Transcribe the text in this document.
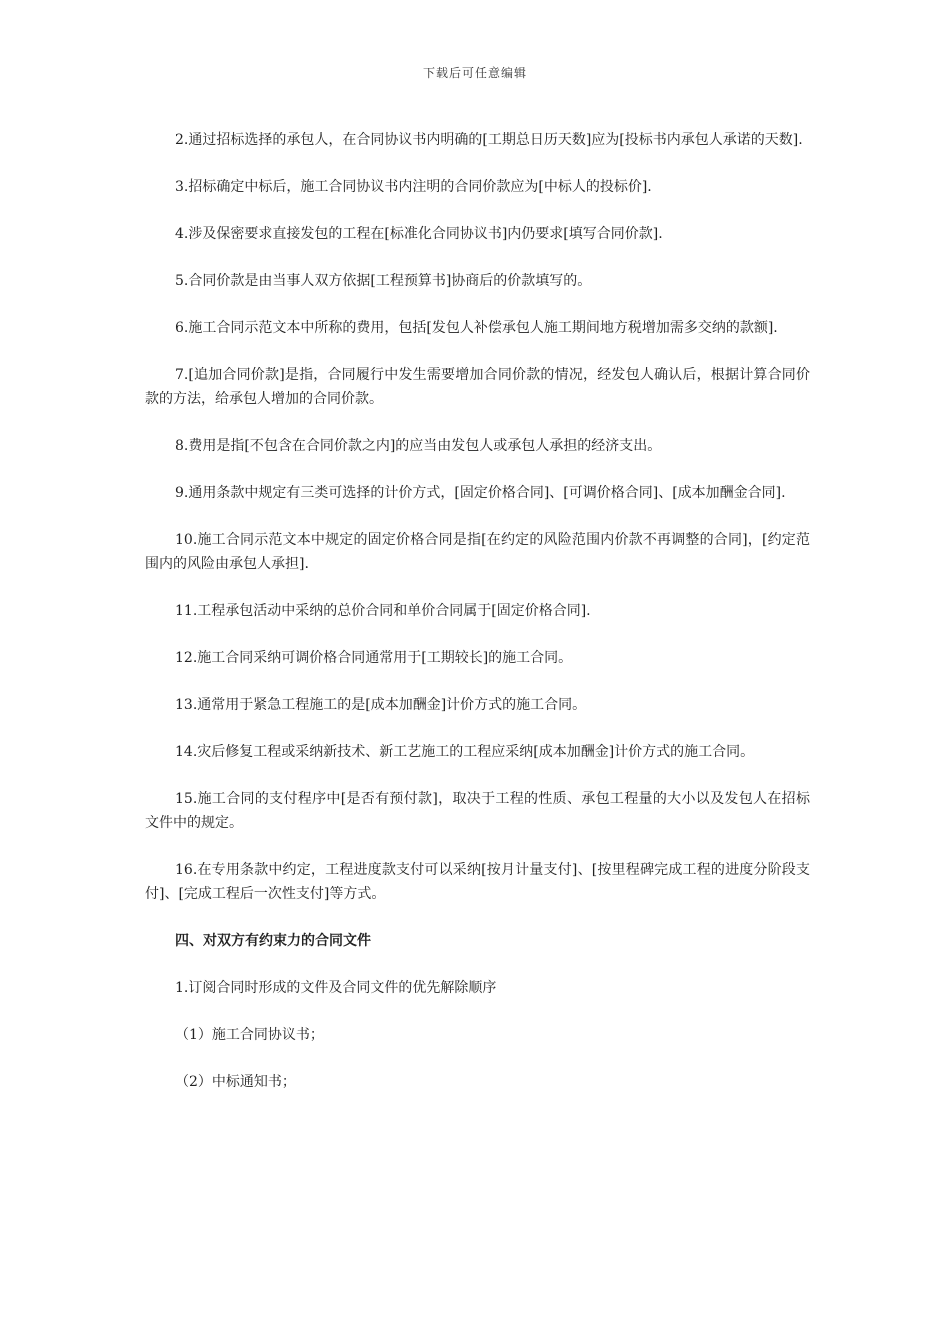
下载后可任意编辑

2.通过招标选择的承包人，在合同协议书内明确的[工期总日历天数]应为[投标书内承包人承诺的天数].

3.招标确定中标后，施工合同协议书内注明的合同价款应为[中标人的投标价].

4.涉及保密要求直接发包的工程在[标准化合同协议书]内仍要求[填写合同价款].

5.合同价款是由当事人双方依据[工程预算书]协商后的价款填写的。

6.施工合同示范文本中所称的费用，包括[发包人补偿承包人施工期间地方税增加需多交纳的款额].

7.[追加合同价款]是指，合同履行中发生需要增加合同价款的情况，经发包人确认后，根据计算合同价款的方法，给承包人增加的合同价款。

8.费用是指[不包含在合同价款之内]的应当由发包人或承包人承担的经济支出。

9.通用条款中规定有三类可选择的计价方式，[固定价格合同]、[可调价格合同]、[成本加酬金合同].

10.施工合同示范文本中规定的固定价格合同是指[在约定的风险范围内价款不再调整的合同]，[约定范围内的风险由承包人承担].

11.工程承包活动中采纳的总价合同和单价合同属于[固定价格合同].

12.施工合同采纳可调价格合同通常用于[工期较长]的施工合同。

13.通常用于紧急工程施工的是[成本加酬金]计价方式的施工合同。

14.灾后修复工程或采纳新技术、新工艺施工的工程应采纳[成本加酬金]计价方式的施工合同。

15.施工合同的支付程序中[是否有预付款]，取决于工程的性质、承包工程量的大小以及发包人在招标文件中的规定。

16.在专用条款中约定，工程进度款支付可以采纳[按月计量支付]、[按里程碑完成工程的进度分阶段支付]、[完成工程后一次性支付]等方式。

四、对双方有约束力的合同文件

1.订阅合同时形成的文件及合同文件的优先解除顺序

（1）施工合同协议书；

（2）中标通知书；
